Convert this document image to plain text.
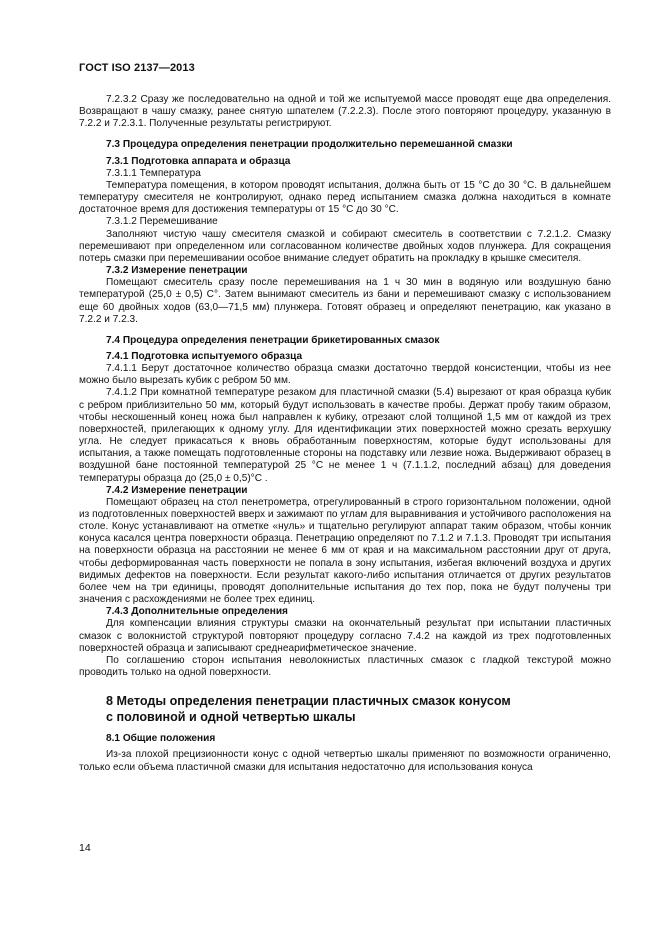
ГОСТ ISO 2137—2013

7.2.3.2 Сразу же последовательно на одной и той же испытуемой массе проводят еще два определения. Возвращают в чашу смазку, ранее снятую шпателем (7.2.2.3). После этого повторяют процедуру, указанную в 7.2.2 и 7.2.3.1. Полученные результаты регистрируют.

7.3 Процедура определения пенетрации продолжительно перемешанной смазки

7.3.1 Подготовка аппарата и образца

7.3.1.1 Температура

Температура помещения, в котором проводят испытания, должна быть от 15 °С до 30 °С. В дальнейшем температуру смесителя не контролируют, однако перед испытанием смазка должна находиться в комнате достаточное время для достижения температуры от 15 °С до 30 °С.

7.3.1.2 Перемешивание

Заполняют чистую чашу смесителя смазкой и собирают смеситель в соответствии с 7.2.1.2. Смазку перемешивают при определенном или согласованном количестве двойных ходов плунжера. Для сокращения потерь смазки при перемешивании особое внимание следует обратить на прокладку в крышке смесителя.

7.3.2 Измерение пенетрации

Помещают смеситель сразу после перемешивания на 1 ч 30 мин в водяную или воздушную баню температурой (25,0 ± 0,5) С°. Затем вынимают смеситель из бани и перемешивают смазку с использованием еще 60 двойных ходов (63,0—71,5 мм) плунжера. Готовят образец и определяют пенетрацию, как указано в 7.2.2 и 7.2.3.

7.4 Процедура определения пенетрации брикетированных смазок

7.4.1 Подготовка испытуемого образца

7.4.1.1 Берут достаточное количество образца смазки достаточно твердой консистенции, чтобы из нее можно было вырезать кубик с ребром 50 мм.

7.4.1.2 При комнатной температуре резаком для пластичной смазки (5.4) вырезают от края образца кубик с ребром приблизительно 50 мм, который будут использовать в качестве пробы. Держат пробу таким образом, чтобы нескошенный конец ножа был направлен к кубику, отрезают слой толщиной 1,5 мм от каждой из трех поверхностей, прилегающих к одному углу. Для идентификации этих поверхностей можно срезать верхушку угла. Не следует прикасаться к вновь обработанным поверхностям, которые будут использованы для испытания, а также помещать подготовленные стороны на подставку или лезвие ножа. Выдерживают образец в воздушной бане постоянной температурой 25 °С не менее 1 ч (7.1.1.2, последний абзац) для доведения температуры образца до (25,0 ± 0,5)°С .

7.4.2 Измерение пенетрации

Помещают образец на стол пенетрометра, отрегулированный в строго горизонтальном положении, одной из подготовленных поверхностей вверх и зажимают по углам для выравнивания и устойчивого расположения на столе. Конус устанавливают на отметке «нуль» и тщательно регулируют аппарат таким образом, чтобы кончик конуса касался центра поверхности образца. Пенетрацию определяют по 7.1.2 и 7.1.3. Проводят три испытания на поверхности образца на расстоянии не менее 6 мм от края и на максимальном расстоянии друг от друга, чтобы деформированная часть поверхности не попала в зону испытания, избегая включений воздуха и других видимых дефектов на поверхности. Если результат какого-либо испытания отличается от других результатов более чем на три единицы, проводят дополнительные испытания до тех пор, пока не будут получены три значения с расхождениями не более трех единиц.

7.4.3 Дополнительные определения

Для компенсации влияния структуры смазки на окончательный результат при испытании пластичных смазок с волокнистой структурой повторяют процедуру согласно 7.4.2 на каждой из трех подготовленных поверхностей образца и записывают среднеарифметическое значение.

По соглашению сторон испытания неволокнистых пластичных смазок с гладкой текстурой можно проводить только на одной поверхности.

8 Методы определения пенетрации пластичных смазок конусом
с половиной и одной четвертью шкалы

8.1 Общие положения

Из-за плохой прецизионности конус с одной четвертью шкалы применяют по возможности ограниченно, только если объема пластичной смазки для испытания недостаточно для использования конуса

14
